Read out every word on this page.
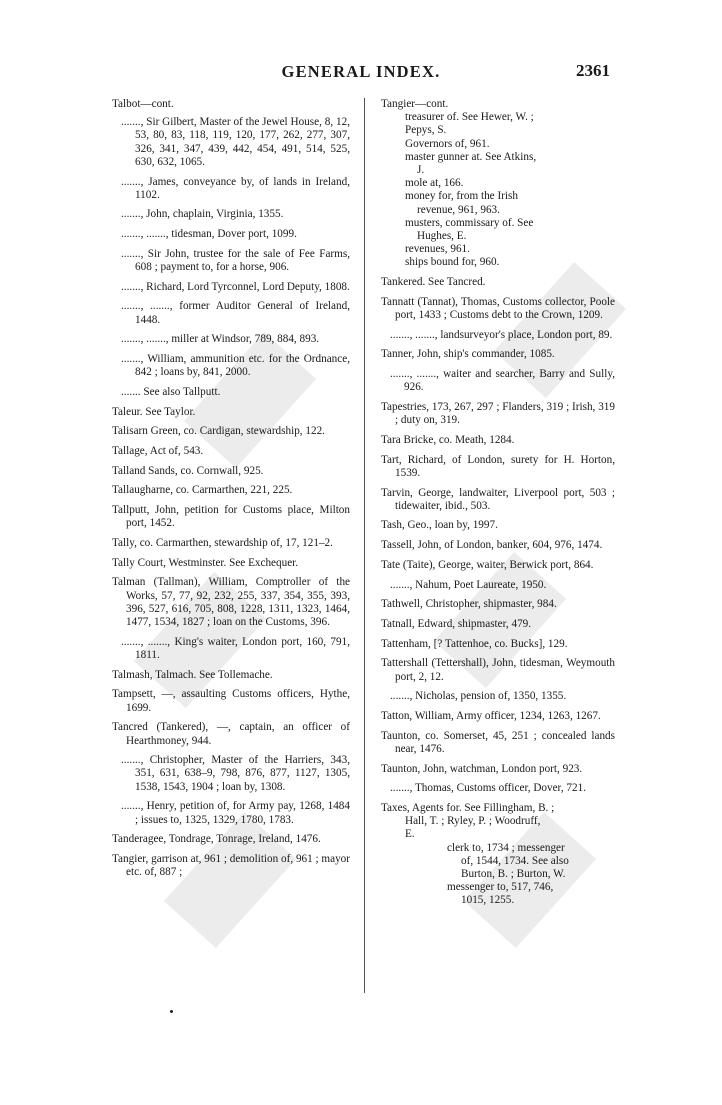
GENERAL INDEX.	2361
Talbot—cont.
......., Sir Gilbert, Master of the Jewel House, 8, 12, 53, 80, 83, 118, 119, 120, 177, 262, 277, 307, 326, 341, 347, 439, 442, 454, 491, 514, 525, 630, 632, 1065.
......., James, conveyance by, of lands in Ireland, 1102.
......., John, chaplain, Virginia, 1355.
......., ......., tidesman, Dover port, 1099.
......., Sir John, trustee for the sale of Fee Farms, 608 ; payment to, for a horse, 906.
......., Richard, Lord Tyrconnel, Lord Deputy, 1808.
......., ......., former Auditor General of Ireland, 1448.
......., ......., miller at Windsor, 789, 884, 893.
......., William, ammunition etc. for the Ordnance, 842 ; loans by, 841, 2000.
....... See also Tallputt.
Taleur. See Taylor.
Talisarn Green, co. Cardigan, stewardship, 122.
Tallage, Act of, 543.
Talland Sands, co. Cornwall, 925.
Tallaugharne, co. Carmarthen, 221, 225.
Tallputt, John, petition for Customs place, Milton port, 1452.
Tally, co. Carmarthen, stewardship of, 17, 121–2.
Tally Court, Westminster. See Exchequer.
Talman (Tallman), William, Comptroller of the Works, 57, 77, 92, 232, 255, 337, 354, 355, 393, 396, 527, 616, 705, 808, 1228, 1311, 1323, 1464, 1477, 1534, 1827 ; loan on the Customs, 396.
......., ......., King's waiter, London port, 160, 791, 1811.
Talmash, Talmach. See Tollemache.
Tampsett, —, assaulting Customs officers, Hythe, 1699.
Tancred (Tankered), —, captain, an officer of Hearthmoney, 944.
......., Christopher, Master of the Harriers, 343, 351, 631, 638–9, 798, 876, 877, 1127, 1305, 1538, 1543, 1904 ; loan by, 1308.
......., Henry, petition of, for Army pay, 1268, 1484 ; issues to, 1325, 1329, 1780, 1783.
Tanderagee, Tondrage, Tonrage, Ireland, 1476.
Tangier, garrison at, 961 ; demolition of, 961 ; mayor etc. of, 887 ;
Tangier—cont.
treasurer of. See Hewer, W. ;
Pepys, S.
Governors of, 961.
master gunner at. See Atkins,
J.
mole at, 166.
money for, from the Irish
revenue, 961, 963.
musters, commissary of. See
Hughes, E.
revenues, 961.
ships bound for, 960.
Tankered. See Tancred.
Tannatt (Tannat), Thomas, Customs collector, Poole port, 1433 ; Customs debt to the Crown, 1209.
......., ......., landsurveyor's place, London port, 89.
Tanner, John, ship's commander, 1085.
......., ......., waiter and searcher, Barry and Sully, 926.
Tapestries, 173, 267, 297 ; Flanders, 319 ; Irish, 319 ; duty on, 319.
Tara Bricke, co. Meath, 1284.
Tart, Richard, of London, surety for H. Horton, 1539.
Tarvin, George, landwaiter, Liverpool port, 503 ; tidewaiter, ibid., 503.
Tash, Geo., loan by, 1997.
Tassell, John, of London, banker, 604, 976, 1474.
Tate (Taite), George, waiter, Berwick port, 864.
......., Nahum, Poet Laureate, 1950.
Tathwell, Christopher, shipmaster, 984.
Tatnall, Edward, shipmaster, 479.
Tattenham, [? Tattenhoe, co. Bucks], 129.
Tattershall (Tettershall), John, tidesman, Weymouth port, 2, 12.
......., Nicholas, pension of, 1350, 1355.
Tatton, William, Army officer, 1234, 1263, 1267.
Taunton, co. Somerset, 45, 251 ; concealed lands near, 1476.
Taunton, John, watchman, London port, 923.
......., Thomas, Customs officer, Dover, 721.
Taxes, Agents for. See Fillingham, B. ;
Hall, T. ; Ryley, P. ; Woodruff,
E.
clerk to, 1734 ; messenger
of, 1544, 1734. See also
Burton, B. ; Burton, W.
messenger to, 517, 746,
1015, 1255.
